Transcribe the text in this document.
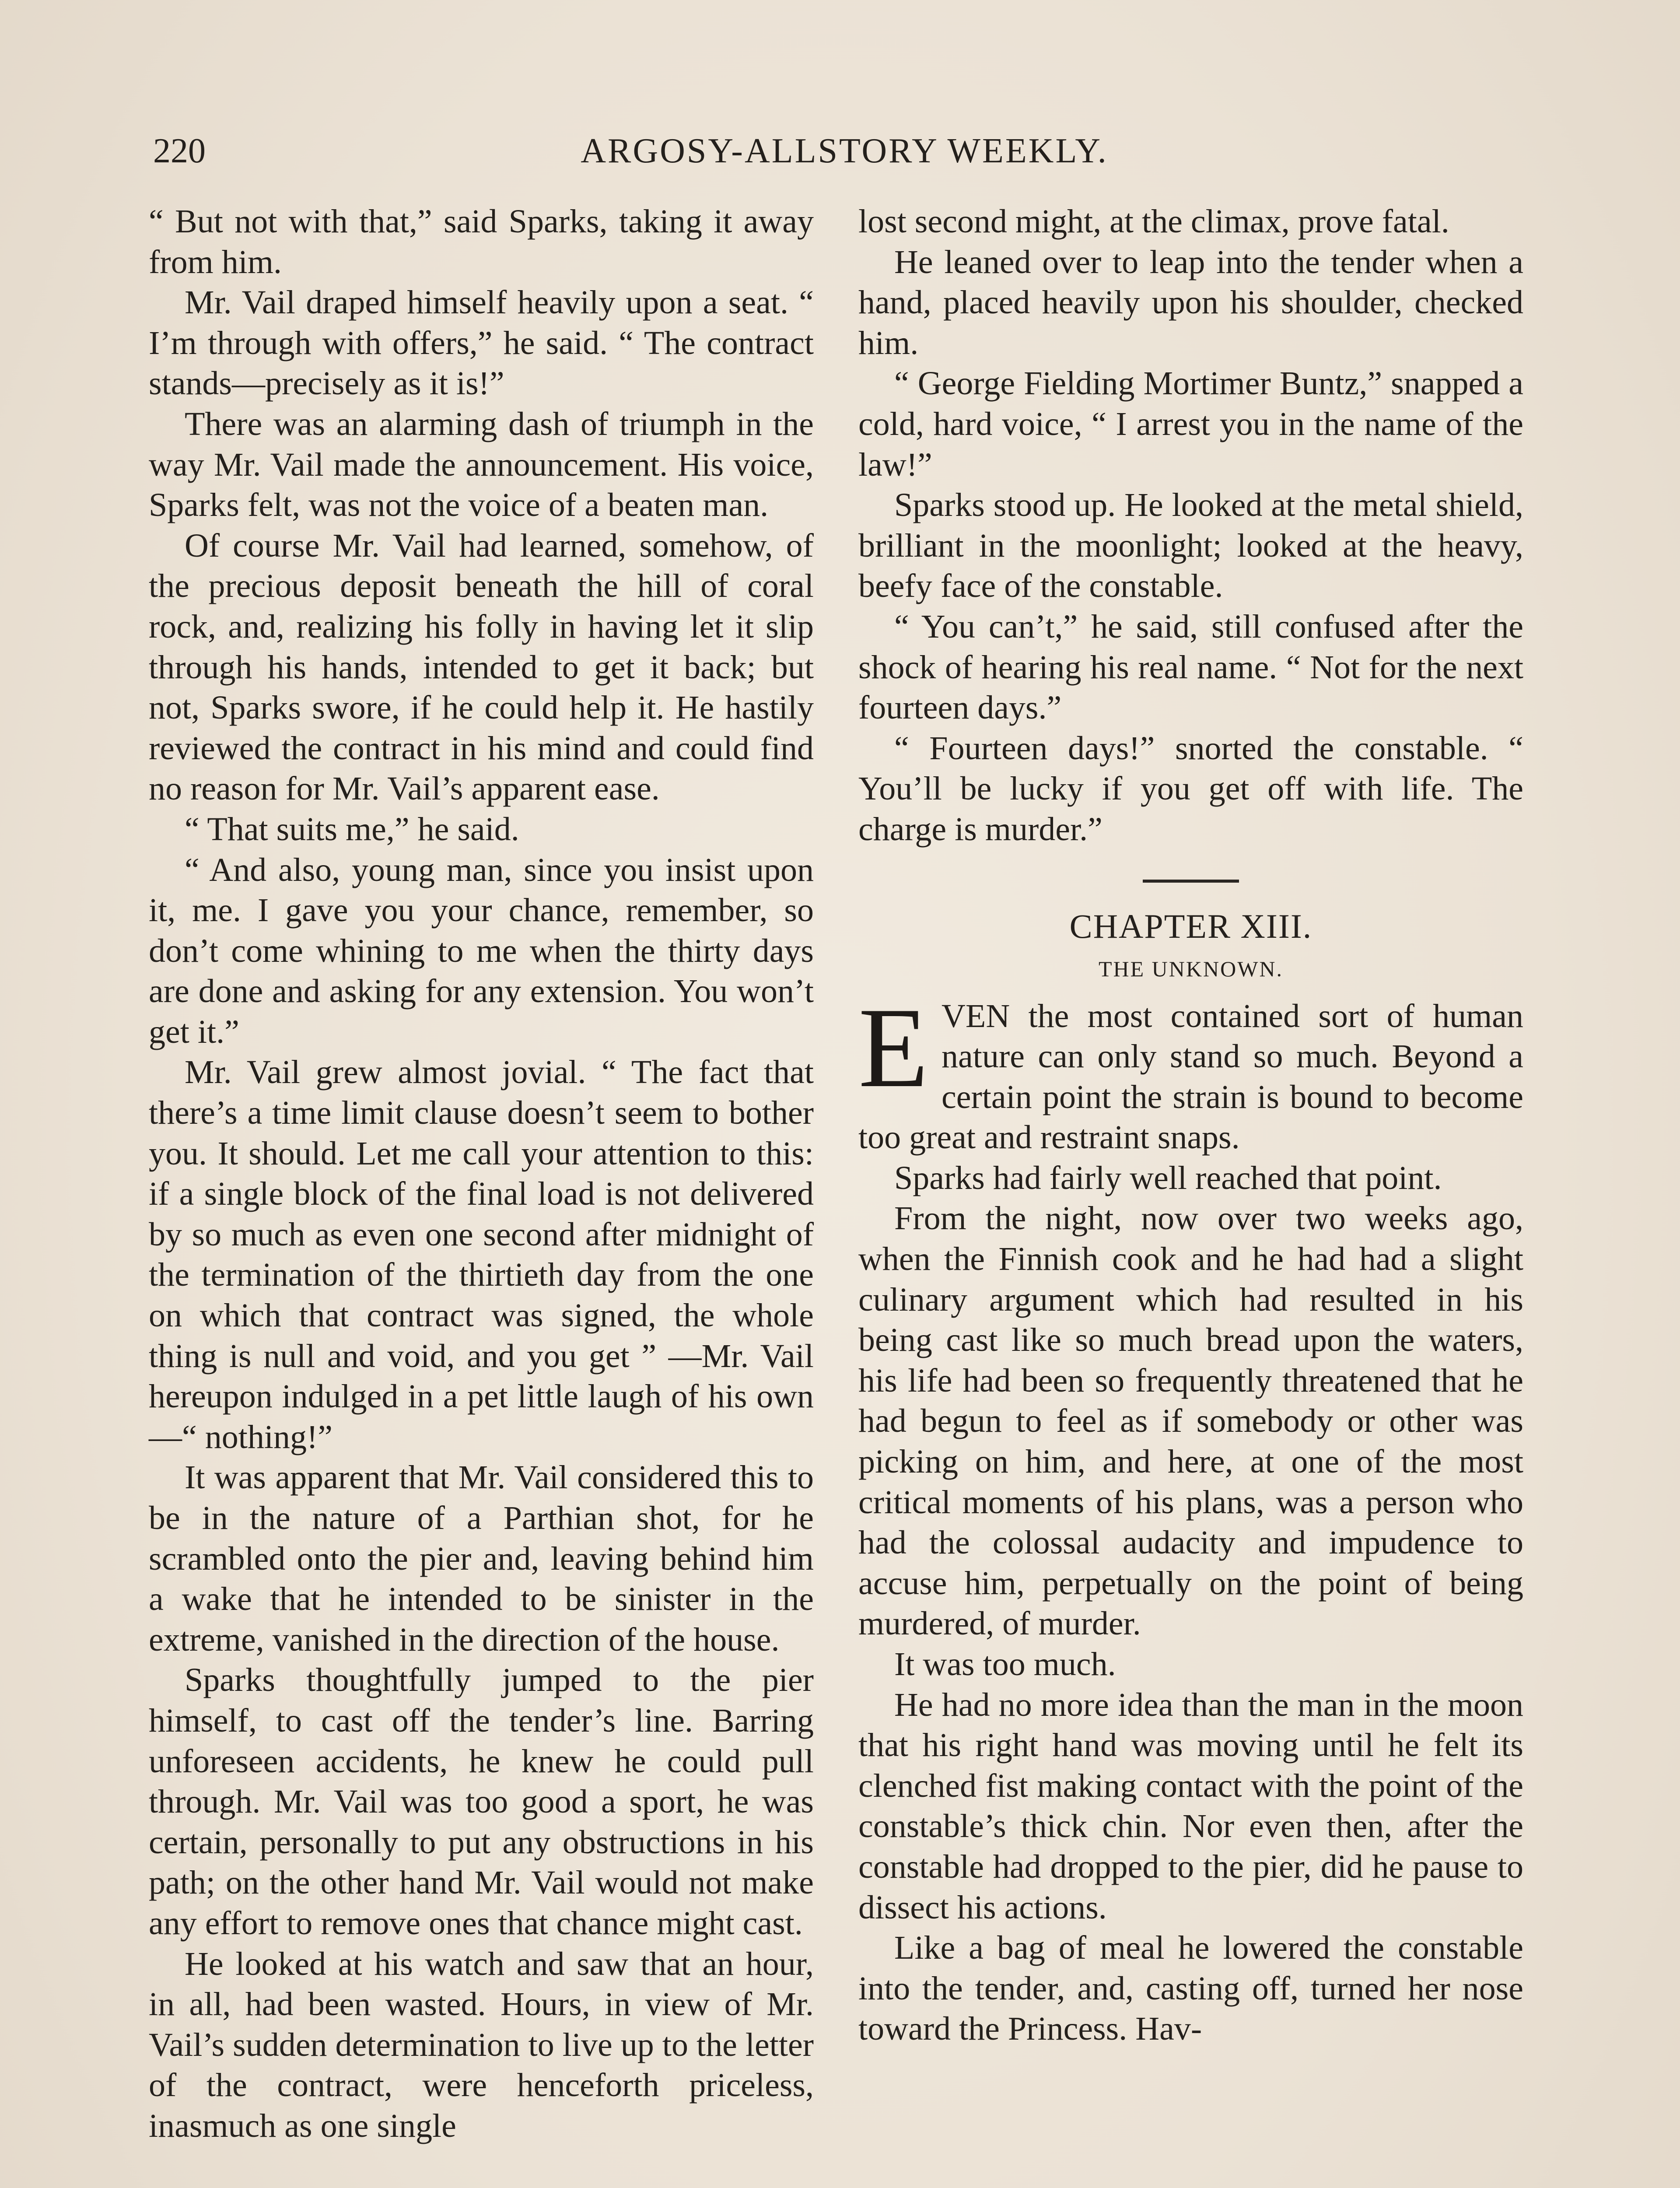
220	ARGOSY-ALLSTORY WEEKLY.

“ But not with that,” said Sparks, taking it away from him.

Mr. Vail draped himself heavily upon a seat. “ I’m through with offers,” he said. “ The contract stands—precisely as it is!”

There was an alarming dash of triumph in the way Mr. Vail made the announcement. His voice, Sparks felt, was not the voice of a beaten man.

Of course Mr. Vail had learned, somehow, of the precious deposit beneath the hill of coral rock, and, realizing his folly in having let it slip through his hands, intended to get it back; but not, Sparks swore, if he could help it. He hastily reviewed the contract in his mind and could find no reason for Mr. Vail’s apparent ease.

“ That suits me,” he said.

“ And also, young man, since you insist upon it, me. I gave you your chance, remember, so don’t come whining to me when the thirty days are done and asking for any extension. You won’t get it.”

Mr. Vail grew almost jovial. “ The fact that there’s a time limit clause doesn’t seem to bother you. It should. Let me call your attention to this: if a single block of the final load is not delivered by so much as even one second after midnight of the termination of the thirtieth day from the one on which that contract was signed, the whole thing is null and void, and you get ” —Mr. Vail hereupon indulged in a pet little laugh of his own—“ nothing!”

It was apparent that Mr. Vail considered this to be in the nature of a Parthian shot, for he scrambled onto the pier and, leaving behind him a wake that he intended to be sinister in the extreme, vanished in the direction of the house.

Sparks thoughtfully jumped to the pier himself, to cast off the tender’s line. Barring unforeseen accidents, he knew he could pull through. Mr. Vail was too good a sport, he was certain, personally to put any obstructions in his path; on the other hand Mr. Vail would not make any effort to remove ones that chance might cast.

He looked at his watch and saw that an hour, in all, had been wasted. Hours, in view of Mr. Vail’s sudden determination to live up to the letter of the contract, were henceforth priceless, inasmuch as one single

lost second might, at the climax, prove fatal.

He leaned over to leap into the tender when a hand, placed heavily upon his shoulder, checked him.

“ George Fielding Mortimer Buntz,” snapped a cold, hard voice, “ I arrest you in the name of the law!”

Sparks stood up. He looked at the metal shield, brilliant in the moonlight; looked at the heavy, beefy face of the constable.

“ You can’t,” he said, still confused after the shock of hearing his real name. “ Not for the next fourteen days.”

“ Fourteen days!” snorted the constable. “ You’ll be lucky if you get off with life. The charge is murder.”

CHAPTER XIII.
THE UNKNOWN.

EVEN the most contained sort of human nature can only stand so much. Beyond a certain point the strain is bound to become too great and restraint snaps.

Sparks had fairly well reached that point.

From the night, now over two weeks ago, when the Finnish cook and he had had a slight culinary argument which had resulted in his being cast like so much bread upon the waters, his life had been so frequently threatened that he had begun to feel as if somebody or other was picking on him, and here, at one of the most critical moments of his plans, was a person who had the colossal audacity and impudence to accuse him, perpetually on the point of being murdered, of murder.

It was too much.

He had no more idea than the man in the moon that his right hand was moving until he felt its clenched fist making contact with the point of the constable’s thick chin. Nor even then, after the constable had dropped to the pier, did he pause to dissect his actions.

Like a bag of meal he lowered the constable into the tender, and, casting off, turned her nose toward the Princess. Hav-
